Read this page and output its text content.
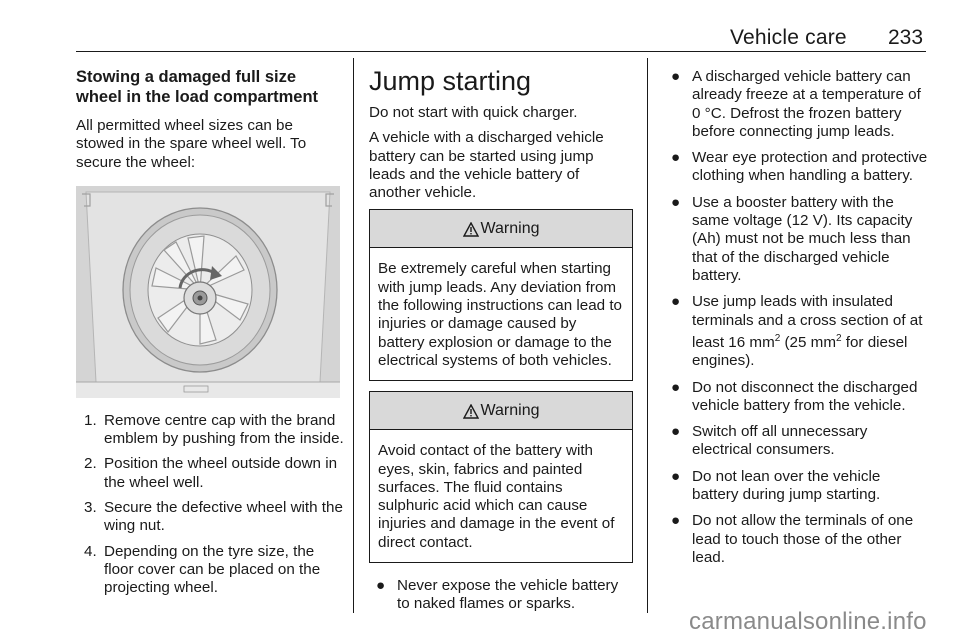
Vehicle care 233
Stowing a damaged full size wheel in the load compartment

All permitted wheel sizes can be stowed in the spare wheel well. To secure the wheel:

1. Remove centre cap with the brand emblem by pushing from the inside.
2. Position the wheel outside down in the wheel well.
3. Secure the defective wheel with the wing nut.
4. Depending on the tyre size, the floor cover can be placed on the projecting wheel.
Jump starting

Do not start with quick charger.

A vehicle with a discharged vehicle battery can be started using jump leads and the vehicle battery of another vehicle.

Warning
Be extremely careful when starting with jump leads. Any deviation from the following instructions can lead to injuries or damage caused by battery explosion or damage to the electrical systems of both vehicles.
Warning
Avoid contact of the battery with eyes, skin, fabrics and painted surfaces. The fluid contains sulphuric acid which can cause injuries and damage in the event of direct contact.
● Never expose the vehicle battery to naked flames or sparks.
● A discharged vehicle battery can already freeze at a temperature of 0 °C. Defrost the frozen battery before connecting jump leads.
● Wear eye protection and protective clothing when handling a battery.
● Use a booster battery with the same voltage (12 V). Its capacity (Ah) must not be much less than that of the discharged vehicle battery.
● Use jump leads with insulated terminals and a cross section of at least 16 $mm^2$ (25 $mm^2$ for diesel engines).
● Do not disconnect the discharged vehicle battery from the vehicle.
● Switch off all unnecessary electrical consumers.
● Do not lean over the vehicle battery during jump starting.
● Do not allow the terminals of one lead to touch those of the other lead.
carmanualsonline.info
